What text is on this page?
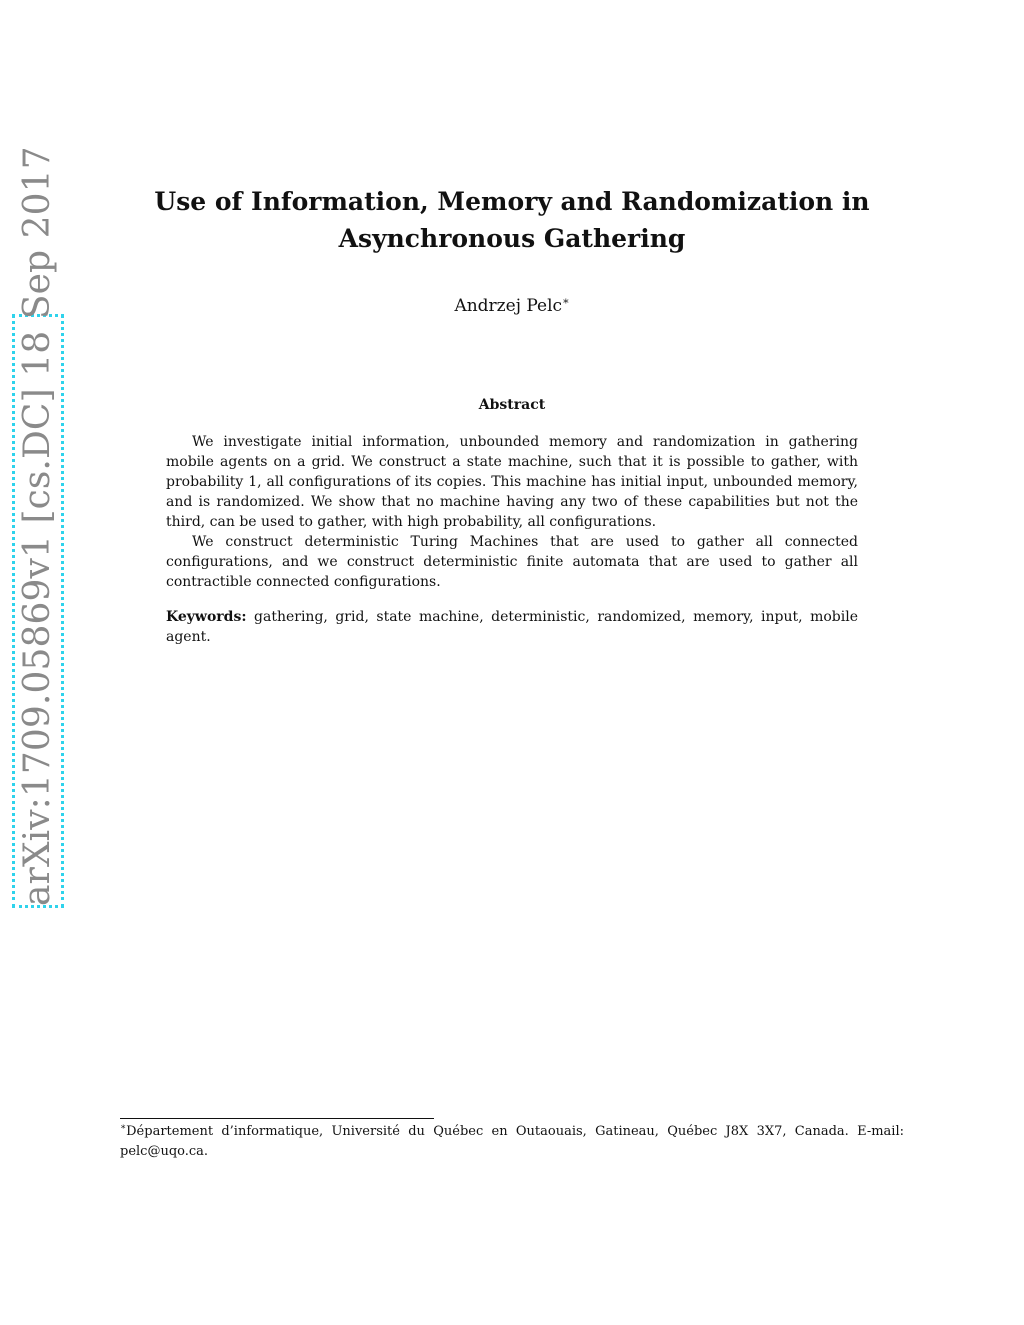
arXiv:1709.05869v1 [cs.DC] 18 Sep 2017	Use of Information, Memory and Randomization in
Asynchronous Gathering
Andrzej Pelc∗
Abstract

We investigate initial information, unbounded memory and randomization in gathering mobile agents on a grid. We construct a state machine, such that it is possible to gather, with probability 1, all configurations of its copies. This machine has initial input, unbounded memory, and is randomized. We show that no machine having any two of these capabilities but not the third, can be used to gather, with high probability, all configurations.

We construct deterministic Turing Machines that are used to gather all connected configurations, and we construct deterministic finite automata that are used to gather all contractible connected configurations.

Keywords: gathering, grid, state machine, deterministic, randomized, memory, input, mobile agent.
∗Département d’informatique, Université du Québec en Outaouais, Gatineau, Québec J8X 3X7, Canada. E-mail: pelc@uqo.ca.
